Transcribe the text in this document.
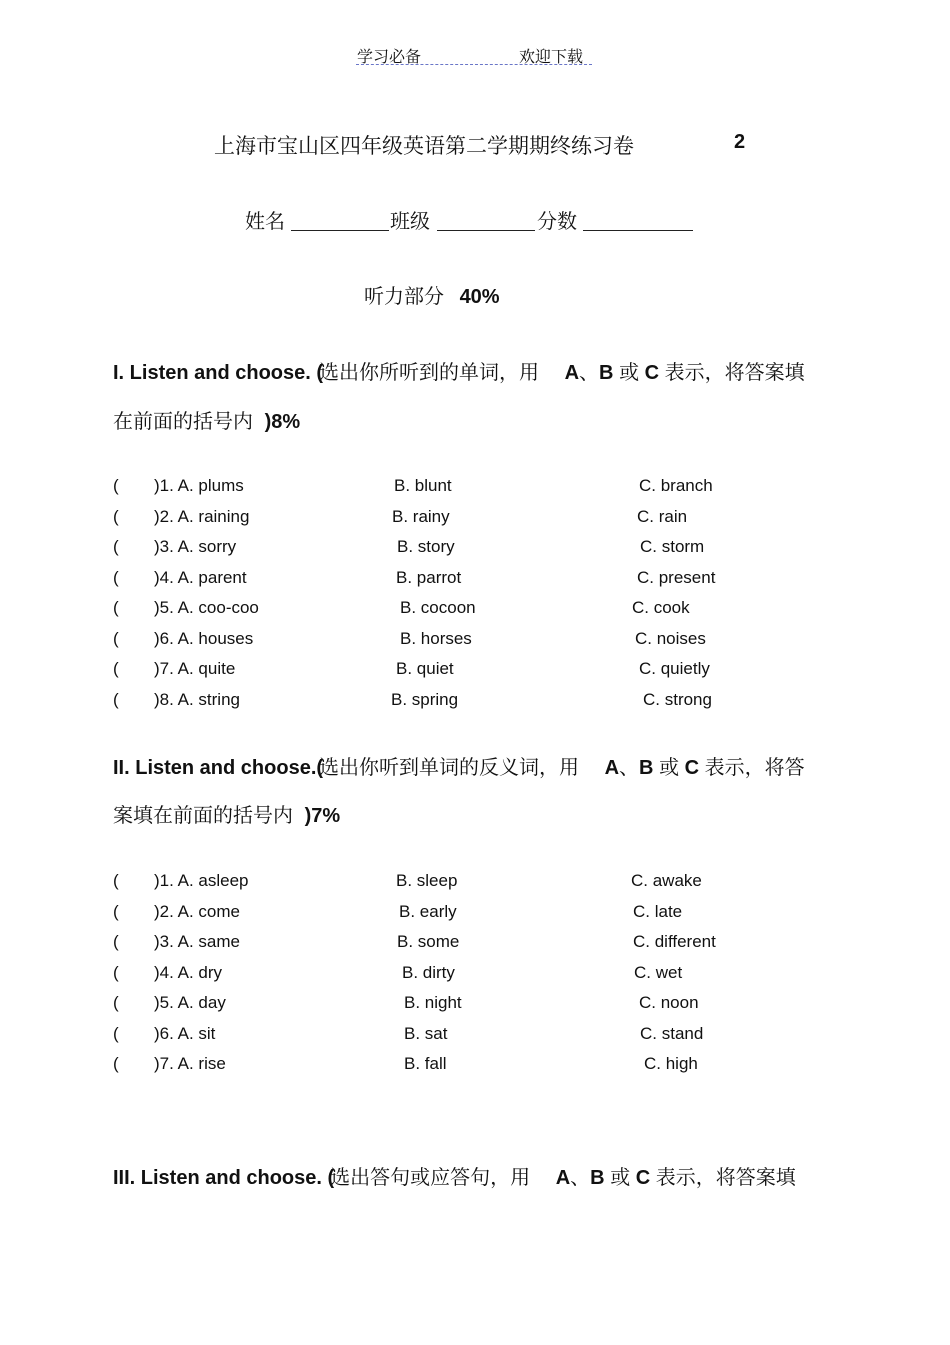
学习必备	欢迎下载
上海市宝山区四年级英语第二学期期终练习卷	2
姓名	班级	分数
听力部分 40%
I. Listen and choose. (选出你所听到的单词，用 A、B 或 C 表示，将答案填
在前面的括号内 )8%
( )1. A. plums	B. blunt	C. branch
( )2. A. raining	B. rainy	C. rain
( )3. A. sorry	B. story	C. storm
( )4. A. parent	B. parrot	C. present
( )5. A. coo-coo	B. cocoon	C. cook
( )6. A. houses	B. horses	C. noises
( )7. A. quite	B. quiet	C. quietly
( )8. A. string	B. spring	C. strong
II. Listen and choose.(选出你听到单词的反义词，用 A、B 或 C 表示，将答
案填在前面的括号内 )7%
( )1. A. asleep	B. sleep	C. awake
( )2. A. come	B. early	C. late
( )3. A. same	B. some	C. different
( )4. A. dry	B. dirty	C. wet
( )5. A. day	B. night	C. noon
( )6. A. sit	B. sat	C. stand
( )7. A. rise	B. fall	C. high
III. Listen and choose. (选出答句或应答句，用 A、B 或 C 表示，将答案填
